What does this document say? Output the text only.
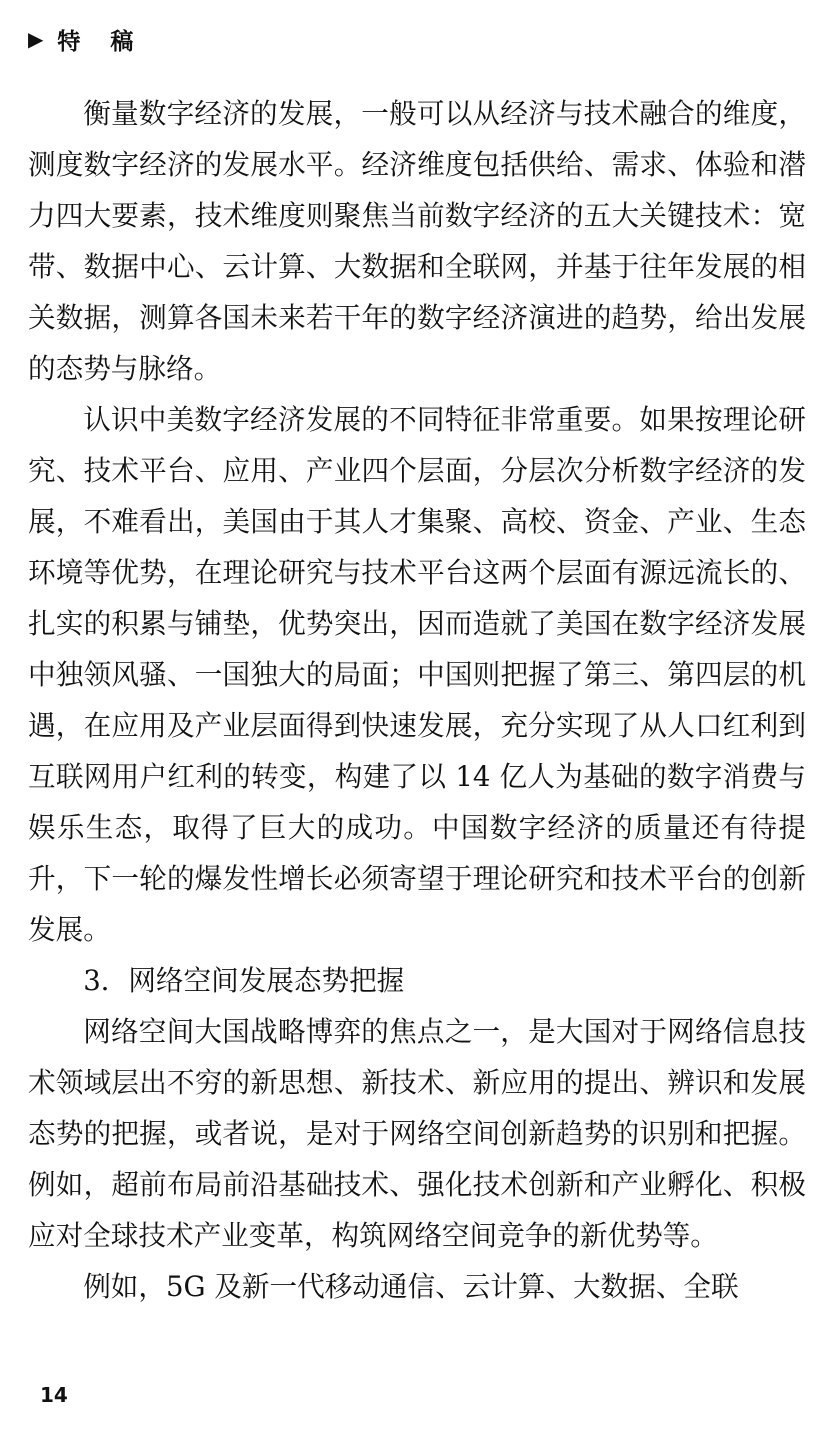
▶ 特稿

衡量数字经济的发展，一般可以从经济与技术融合的维度，测度数字经济的发展水平。经济维度包括供给、需求、体验和潜力四大要素，技术维度则聚焦当前数字经济的五大关键技术：宽带、数据中心、云计算、大数据和全联网，并基于往年发展的相关数据，测算各国未来若干年的数字经济演进的趋势，给出发展的态势与脉络。

认识中美数字经济发展的不同特征非常重要。如果按理论研究、技术平台、应用、产业四个层面，分层次分析数字经济的发展，不难看出，美国由于其人才集聚、高校、资金、产业、生态环境等优势，在理论研究与技术平台这两个层面有源远流长的、扎实的积累与铺垫，优势突出，因而造就了美国在数字经济发展中独领风骚、一国独大的局面；中国则把握了第三、第四层的机遇，在应用及产业层面得到快速发展，充分实现了从人口红利到互联网用户红利的转变，构建了以 14 亿人为基础的数字消费与娱乐生态，取得了巨大的成功。中国数字经济的质量还有待提升，下一轮的爆发性增长必须寄望于理论研究和技术平台的创新发展。

3．网络空间发展态势把握

网络空间大国战略博弈的焦点之一，是大国对于网络信息技术领域层出不穷的新思想、新技术、新应用的提出、辨识和发展态势的把握，或者说，是对于网络空间创新趋势的识别和把握。例如，超前布局前沿基础技术、强化技术创新和产业孵化、积极应对全球技术产业变革，构筑网络空间竞争的新优势等。

例如，5G 及新一代移动通信、云计算、大数据、全联

14
